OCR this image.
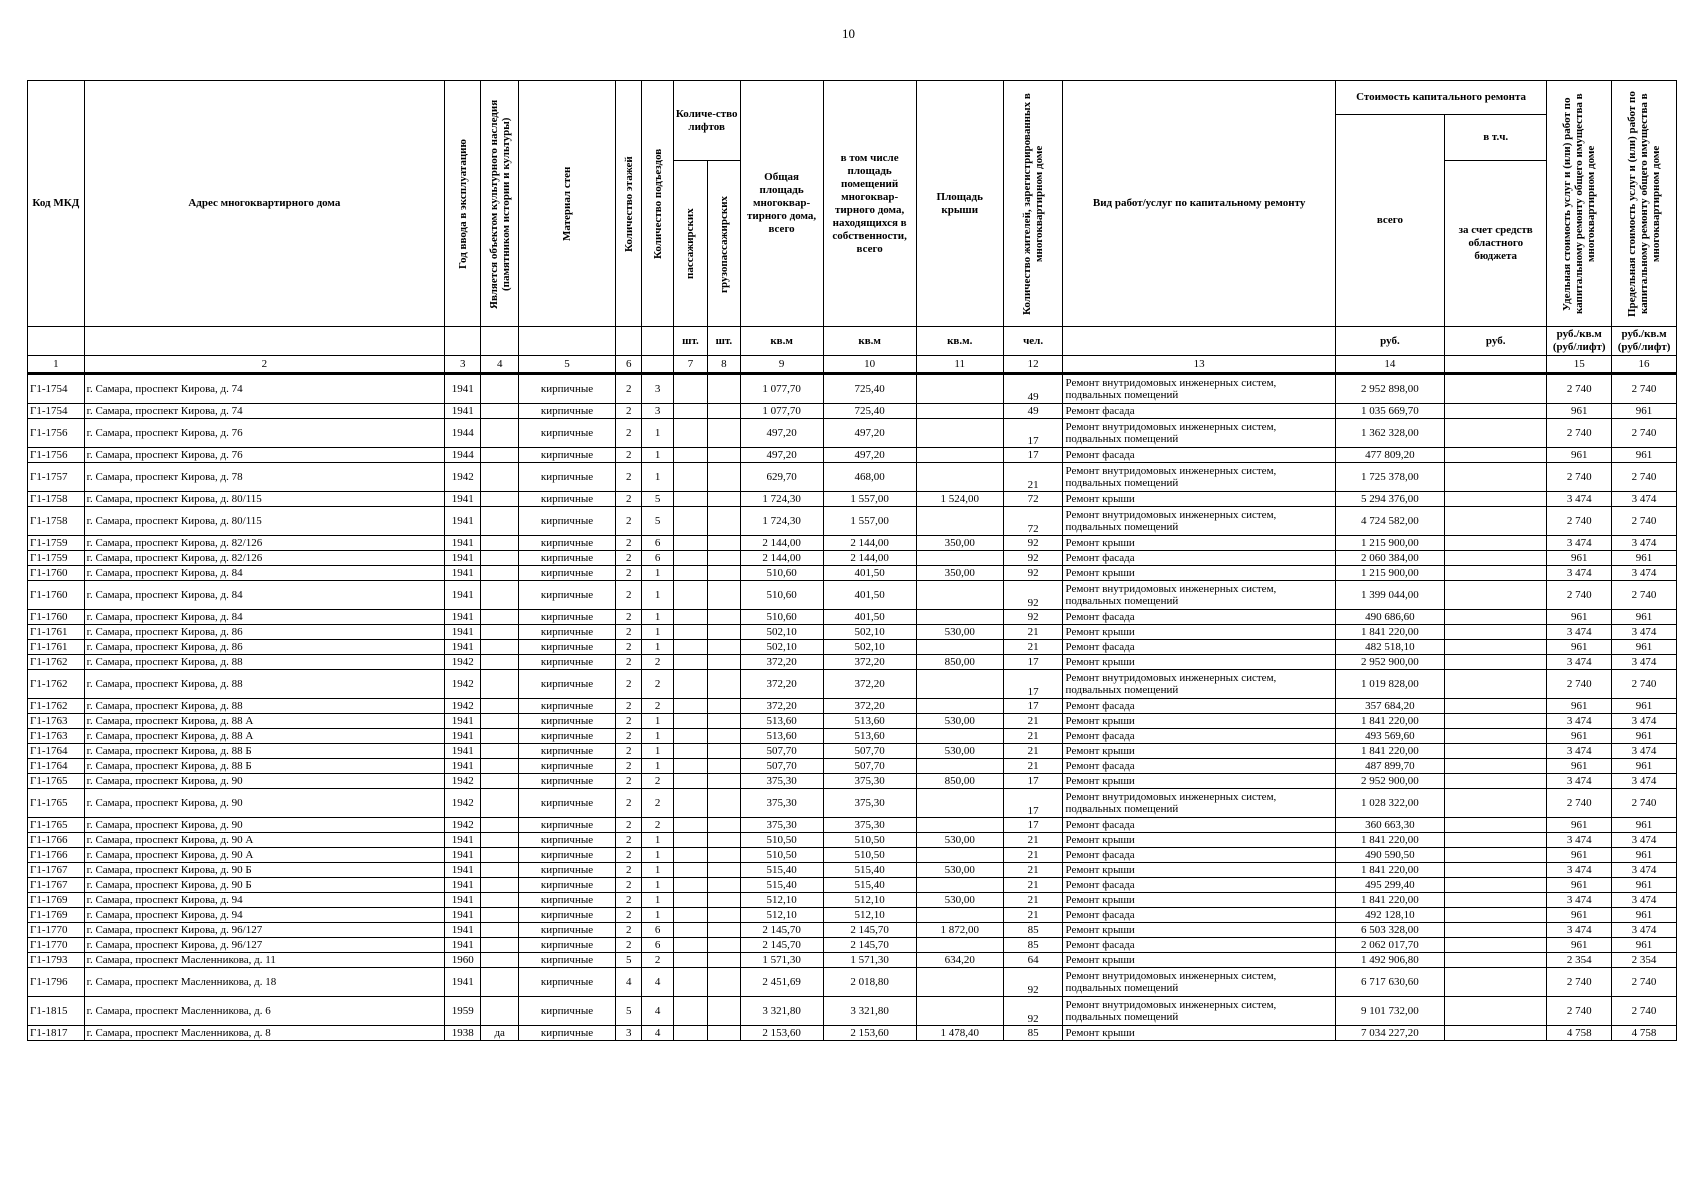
10
Код МКД	Адрес многоквартирного дома	Год ввода в эксплуатацию	Является объектом культурного наследия (памятником истории и культуры)	Материал стен	Количество этажей	Количество подъездов	Количе-ство лифтов		Общая площадь многоквар-тирного дома, всего	в том числе площадь помещений многоквар-тирного дома, находящихся в собственности, всего	Площадь крыши	Количество жителей, зарегистрированных в многоквартирном доме	Вид работ/услуг по капитальному ремонту	Стоимость капитального ремонта		Удельная стоимость услуг и (или) работ по капитальному ремонту общего имущества в многоквартирном доме	Предельная стоимость услуг и (или) работ по капитальному ремонту общего имущества в многоквартирном доме

														всего	в т.ч.		

							пассажирских	грузопассажирских							за счет средств областного бюджета		
							шт.	шт.	кв.м	кв.м	кв.м.	чел.		руб.	руб.	руб./кв.м (руб/лифт)	руб./кв.м (руб/лифт)
1	2	3	4	5	6		7	8	9	10	11	12	13	14		15	16
Г1-1754	г. Самара, проспект Кирова, д. 74	1941		кирпичные	2	3			1 077,70	725,40		49	Ремонт внутридомовых инженерных систем, подвальных помещений	2 952 898,00		2 740	2 740
Г1-1754	г. Самара, проспект Кирова, д. 74	1941		кирпичные	2	3			1 077,70	725,40		49	Ремонт фасада	1 035 669,70		961	961
Г1-1756	г. Самара, проспект Кирова, д. 76	1944		кирпичные	2	1			497,20	497,20		17	Ремонт внутридомовых инженерных систем, подвальных помещений	1 362 328,00		2 740	2 740
Г1-1756	г. Самара, проспект Кирова, д. 76	1944		кирпичные	2	1			497,20	497,20		17	Ремонт фасада	477 809,20		961	961
Г1-1757	г. Самара, проспект Кирова, д. 78	1942		кирпичные	2	1			629,70	468,00		21	Ремонт внутридомовых инженерных систем, подвальных помещений	1 725 378,00		2 740	2 740
Г1-1758	г. Самара, проспект Кирова, д. 80/115	1941		кирпичные	2	5			1 724,30	1 557,00	1 524,00	72	Ремонт крыши	5 294 376,00		3 474	3 474
Г1-1758	г. Самара, проспект Кирова, д. 80/115	1941		кирпичные	2	5			1 724,30	1 557,00		72	Ремонт внутридомовых инженерных систем, подвальных помещений	4 724 582,00		2 740	2 740
Г1-1759	г. Самара, проспект Кирова, д. 82/126	1941		кирпичные	2	6			2 144,00	2 144,00	350,00	92	Ремонт крыши	1 215 900,00		3 474	3 474
Г1-1759	г. Самара, проспект Кирова, д. 82/126	1941		кирпичные	2	6			2 144,00	2 144,00		92	Ремонт фасада	2 060 384,00		961	961
Г1-1760	г. Самара, проспект Кирова, д. 84	1941		кирпичные	2	1			510,60	401,50	350,00	92	Ремонт крыши	1 215 900,00		3 474	3 474
Г1-1760	г. Самара, проспект Кирова, д. 84	1941		кирпичные	2	1			510,60	401,50		92	Ремонт внутридомовых инженерных систем, подвальных помещений	1 399 044,00		2 740	2 740
Г1-1760	г. Самара, проспект Кирова, д. 84	1941		кирпичные	2	1			510,60	401,50		92	Ремонт фасада	490 686,60		961	961
Г1-1761	г. Самара, проспект Кирова, д. 86	1941		кирпичные	2	1			502,10	502,10	530,00	21	Ремонт крыши	1 841 220,00		3 474	3 474
Г1-1761	г. Самара, проспект Кирова, д. 86	1941		кирпичные	2	1			502,10	502,10		21	Ремонт фасада	482 518,10		961	961
Г1-1762	г. Самара, проспект Кирова, д. 88	1942		кирпичные	2	2			372,20	372,20	850,00	17	Ремонт крыши	2 952 900,00		3 474	3 474
Г1-1762	г. Самара, проспект Кирова, д. 88	1942		кирпичные	2	2			372,20	372,20		17	Ремонт внутридомовых инженерных систем, подвальных помещений	1 019 828,00		2 740	2 740
Г1-1762	г. Самара, проспект Кирова, д. 88	1942		кирпичные	2	2			372,20	372,20		17	Ремонт фасада	357 684,20		961	961
Г1-1763	г. Самара, проспект Кирова, д. 88 А	1941		кирпичные	2	1			513,60	513,60	530,00	21	Ремонт крыши	1 841 220,00		3 474	3 474
Г1-1763	г. Самара, проспект Кирова, д. 88 А	1941		кирпичные	2	1			513,60	513,60		21	Ремонт фасада	493 569,60		961	961
Г1-1764	г. Самара, проспект Кирова, д. 88 Б	1941		кирпичные	2	1			507,70	507,70	530,00	21	Ремонт крыши	1 841 220,00		3 474	3 474
Г1-1764	г. Самара, проспект Кирова, д. 88 Б	1941		кирпичные	2	1			507,70	507,70		21	Ремонт фасада	487 899,70		961	961
Г1-1765	г. Самара, проспект Кирова, д. 90	1942		кирпичные	2	2			375,30	375,30	850,00	17	Ремонт крыши	2 952 900,00		3 474	3 474
Г1-1765	г. Самара, проспект Кирова, д. 90	1942		кирпичные	2	2			375,30	375,30		17	Ремонт внутридомовых инженерных систем, подвальных помещений	1 028 322,00		2 740	2 740
Г1-1765	г. Самара, проспект Кирова, д. 90	1942		кирпичные	2	2			375,30	375,30		17	Ремонт фасада	360 663,30		961	961
Г1-1766	г. Самара, проспект Кирова, д. 90 А	1941		кирпичные	2	1			510,50	510,50	530,00	21	Ремонт крыши	1 841 220,00		3 474	3 474
Г1-1766	г. Самара, проспект Кирова, д. 90 А	1941		кирпичные	2	1			510,50	510,50		21	Ремонт фасада	490 590,50		961	961
Г1-1767	г. Самара, проспект Кирова, д. 90 Б	1941		кирпичные	2	1			515,40	515,40	530,00	21	Ремонт крыши	1 841 220,00		3 474	3 474
Г1-1767	г. Самара, проспект Кирова, д. 90 Б	1941		кирпичные	2	1			515,40	515,40		21	Ремонт фасада	495 299,40		961	961
Г1-1769	г. Самара, проспект Кирова, д. 94	1941		кирпичные	2	1			512,10	512,10	530,00	21	Ремонт крыши	1 841 220,00		3 474	3 474
Г1-1769	г. Самара, проспект Кирова, д. 94	1941		кирпичные	2	1			512,10	512,10		21	Ремонт фасада	492 128,10		961	961
Г1-1770	г. Самара, проспект Кирова, д. 96/127	1941		кирпичные	2	6			2 145,70	2 145,70	1 872,00	85	Ремонт крыши	6 503 328,00		3 474	3 474
Г1-1770	г. Самара, проспект Кирова, д. 96/127	1941		кирпичные	2	6			2 145,70	2 145,70		85	Ремонт фасада	2 062 017,70		961	961
Г1-1793	г. Самара, проспект Масленникова, д. 11	1960		кирпичные	5	2			1 571,30	1 571,30	634,20	64	Ремонт крыши	1 492 906,80		2 354	2 354
Г1-1796	г. Самара, проспект Масленникова, д. 18	1941		кирпичные	4	4			2 451,69	2 018,80		92	Ремонт внутридомовых инженерных систем, подвальных помещений	6 717 630,60		2 740	2 740
Г1-1815	г. Самара, проспект Масленникова, д. 6	1959		кирпичные	5	4			3 321,80	3 321,80		92	Ремонт внутридомовых инженерных систем, подвальных помещений	9 101 732,00		2 740	2 740
Г1-1817	г. Самара, проспект Масленникова, д. 8	1938	да	кирпичные	3	4			2 153,60	2 153,60	1 478,40	85	Ремонт крыши	7 034 227,20		4 758	4 758
